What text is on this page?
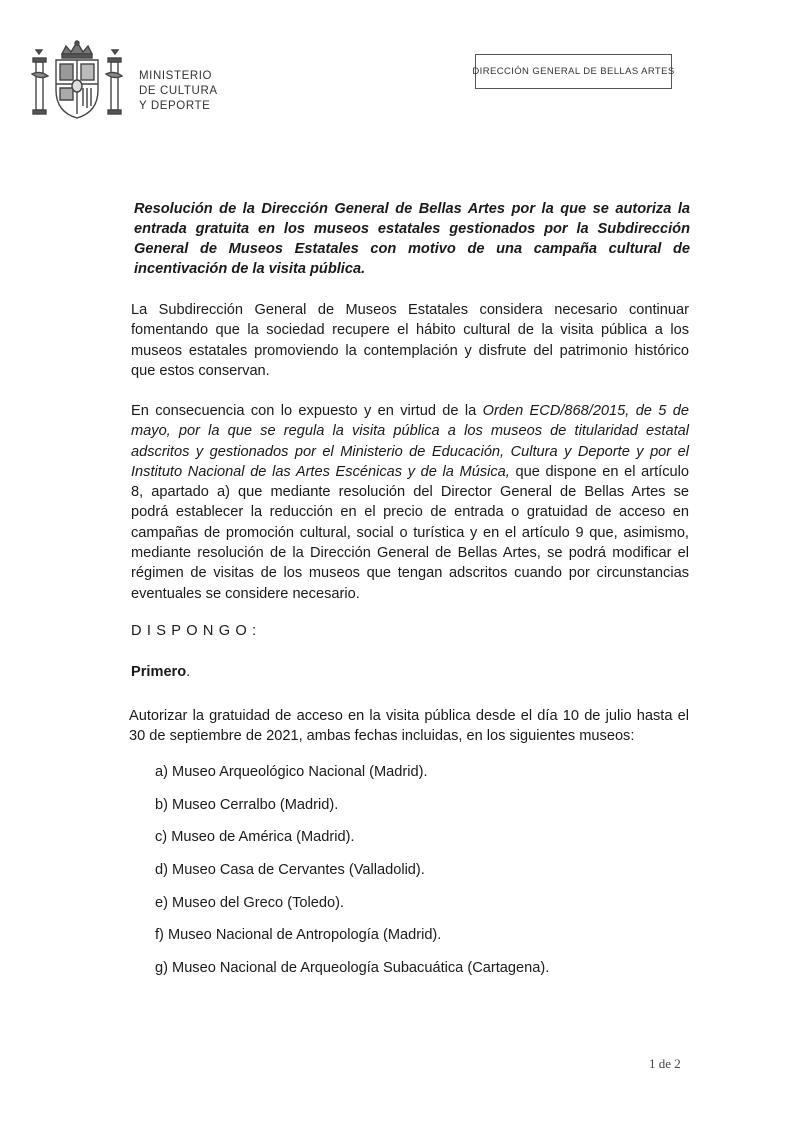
MINISTERIO
DE CULTURA
Y DEPORTE
DIRECCIÓN GENERAL DE BELLAS ARTES
Resolución de la Dirección General de Bellas Artes por la que se autoriza la
entrada gratuita en los museos estatales gestionados por la Subdirección
General de Museos Estatales con motivo de una campaña cultural de
incentivación de la visita pública.
La Subdirección General de Museos Estatales considera necesario continuar
fomentando que la sociedad recupere el hábito cultural de la visita pública a los
museos estatales promoviendo la contemplación y disfrute del patrimonio histórico
que estos conservan.
En consecuencia con lo expuesto y en virtud de la Orden ECD/868/2015, de 5 de
mayo, por la que se regula la visita pública a los museos de titularidad estatal
adscritos y gestionados por el Ministerio de Educación, Cultura y Deporte y por el
Instituto Nacional de las Artes Escénicas y de la Música, que dispone en el artículo
8, apartado a) que mediante resolución del Director General de Bellas Artes se
podrá establecer la reducción en el precio de entrada o gratuidad de acceso en
campañas de promoción cultural, social o turística y en el artículo 9 que, asimismo,
mediante resolución de la Dirección General de Bellas Artes, se podrá modificar el
régimen de visitas de los museos que tengan adscritos cuando por circunstancias
eventuales se considere necesario.
DISPONGO:
Primero.
Autorizar la gratuidad de acceso en la visita pública desde el día 10 de julio hasta el
30 de septiembre de 2021, ambas fechas incluidas, en los siguientes museos:
a) Museo Arqueológico Nacional (Madrid).
b) Museo Cerralbo (Madrid).
c) Museo de América (Madrid).
d) Museo Casa de Cervantes (Valladolid).
e) Museo del Greco (Toledo).
f) Museo Nacional de Antropología (Madrid).
g) Museo Nacional de Arqueología Subacuática (Cartagena).
1 de 2
